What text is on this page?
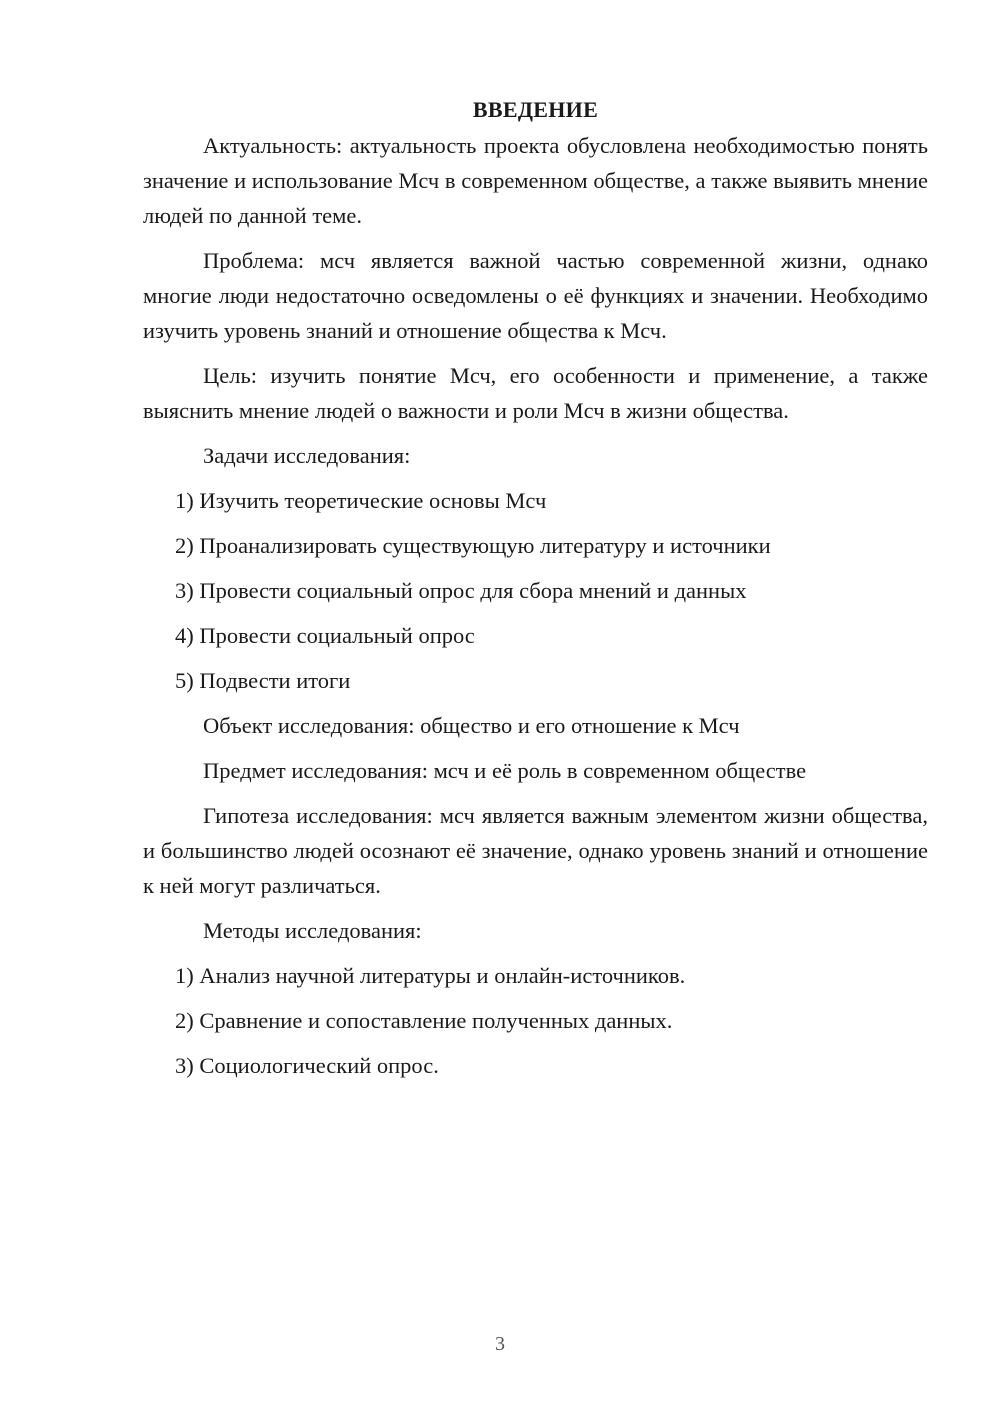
ВВЕДЕНИЕ
Актуальность: актуальность проекта обусловлена необходимостью понять значение и использование Мсч в современном обществе, а также выявить мнение людей по данной теме.
Проблема: мсч является важной частью современной жизни, однако многие люди недостаточно осведомлены о её функциях и значении. Необходимо изучить уровень знаний и отношение общества к Мсч.
Цель: изучить понятие Мсч, его особенности и применение, а также выяснить мнение людей о важности и роли Мсч в жизни общества.
Задачи исследования:
1) Изучить теоретические основы Мсч
2) Проанализировать существующую литературу и источники
3) Провести социальный опрос для сбора мнений и данных
4) Провести социальный опрос
5) Подвести итоги
Объект исследования: общество и его отношение к Мсч
Предмет исследования: мсч и её роль в современном обществе
Гипотеза исследования: мсч является важным элементом жизни общества, и большинство людей осознают её значение, однако уровень знаний и отношение к ней могут различаться.
Методы исследования:
1) Анализ научной литературы и онлайн-источников.
2) Сравнение и сопоставление полученных данных.
3) Социологический опрос.
3
